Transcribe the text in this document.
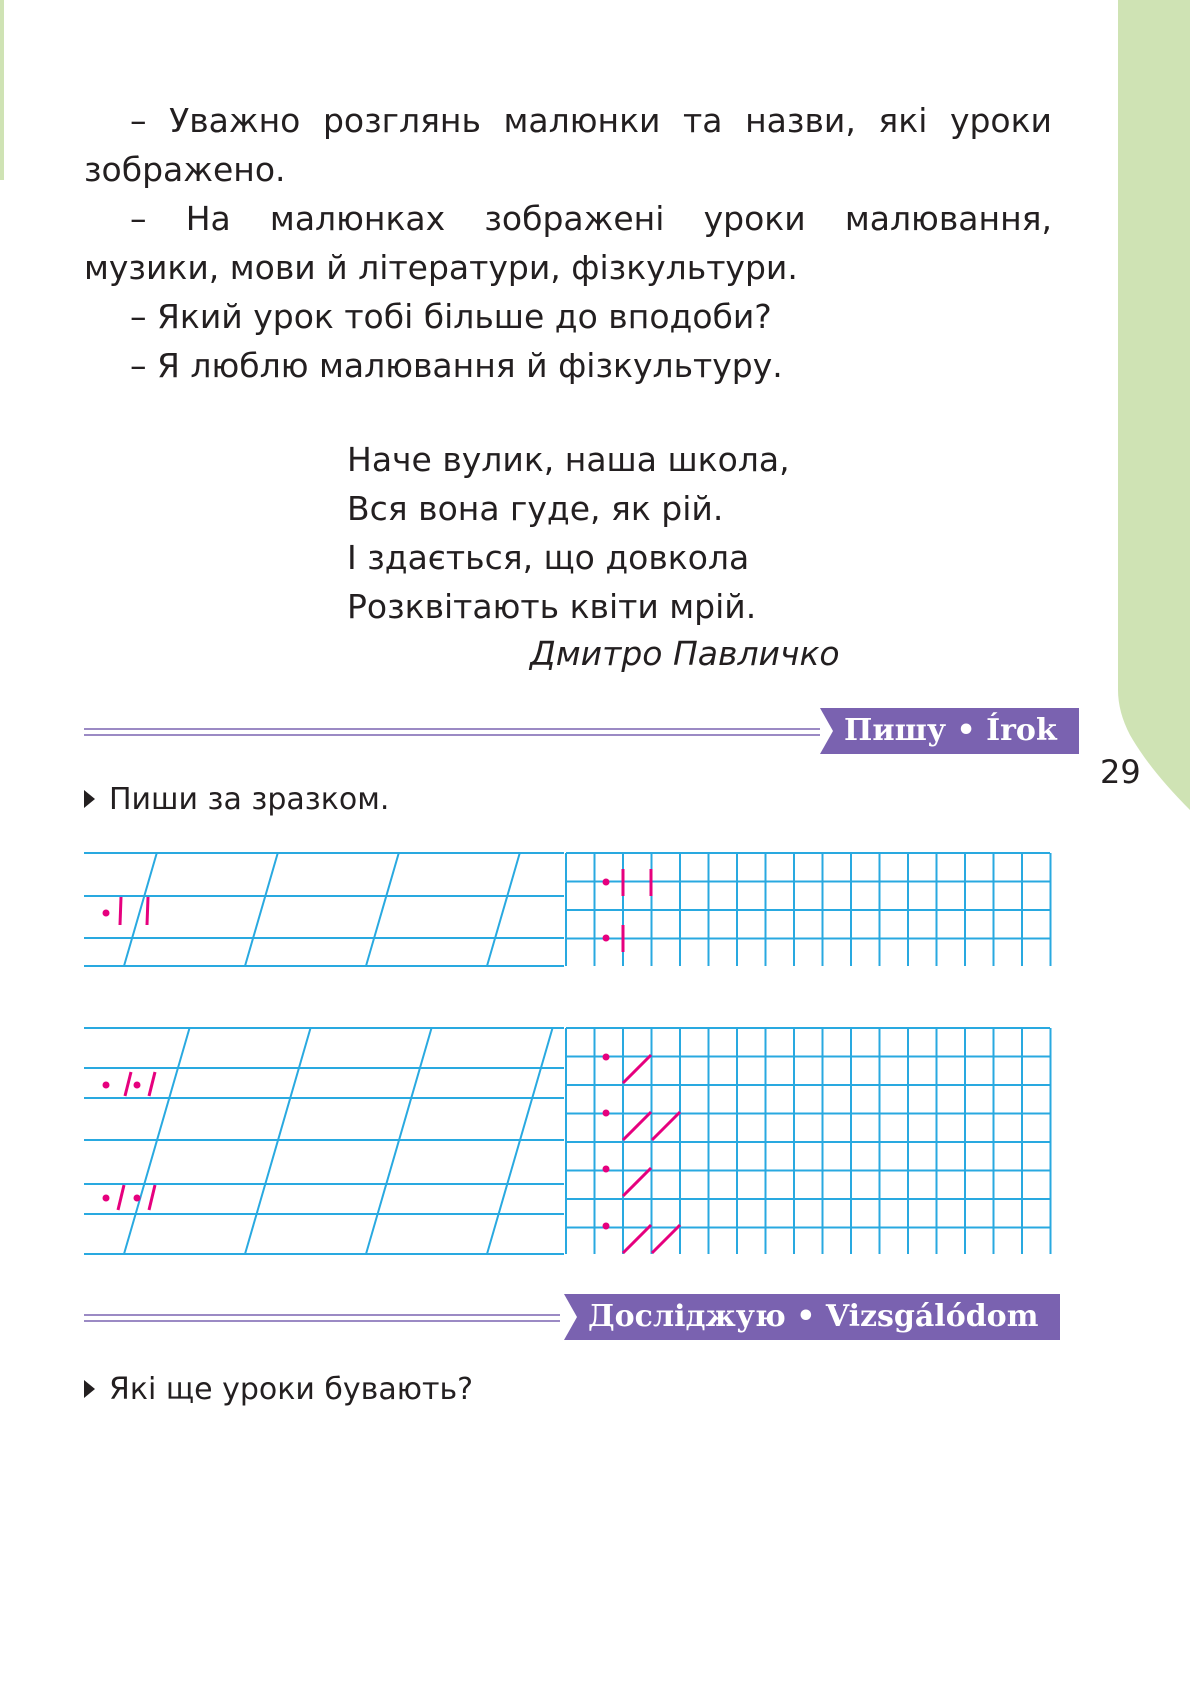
– Уважно розглянь малюнки та назви, які уроки зображено.

– На малюнках зображені уроки малювання, музики, мови й літератури, фізкультури.

– Який урок тобі більше до вподоби?

– Я люблю малювання й фізкультуру.

Наче вулик, наша школа,
Вся вона гуде, як рій.
І здається, що довкола
Розквітають квіти мрій.
Дмитро Павличко
Пишу • Írok
29
Пиши за зразком.
Досліджую • Vizsgálódom
Які ще уроки бувають?
